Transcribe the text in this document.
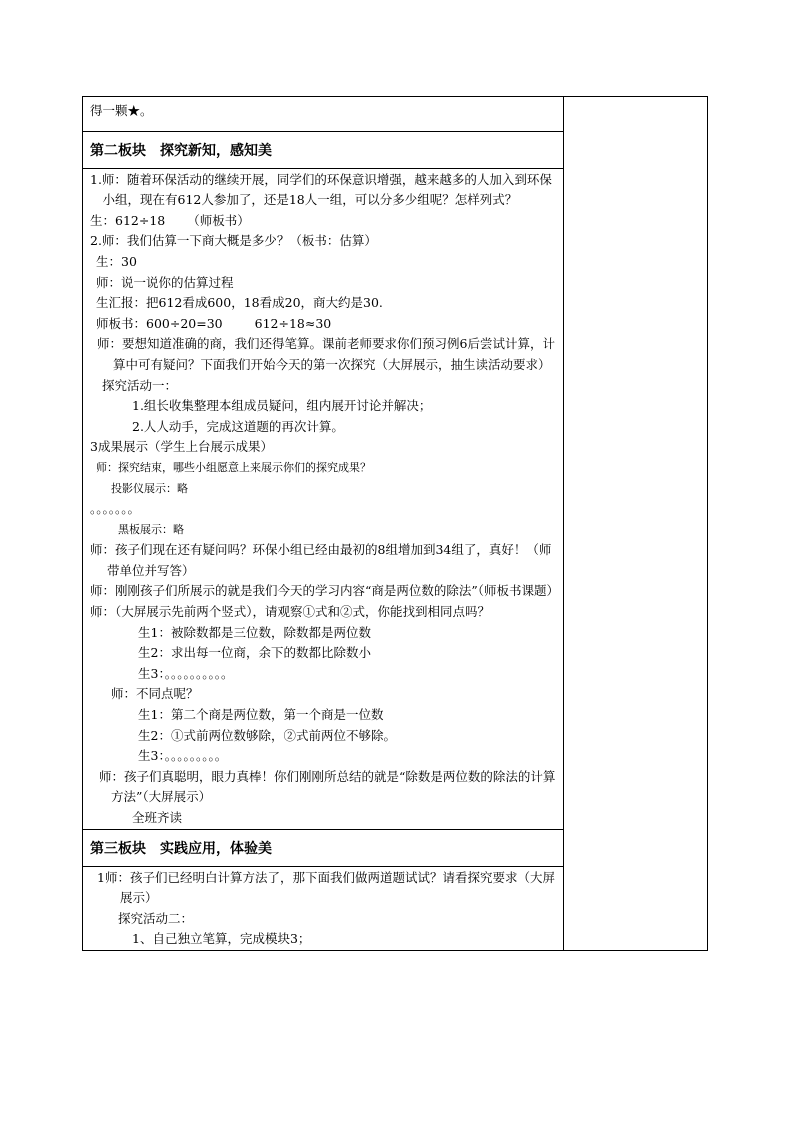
得一颗★。

第二板块　探究新知，感知美

1.师：随着环保活动的继续开展，同学们的环保意识增强，越来越多的人加入到环保小组，现在有612人参加了，还是18人一组，可以分多少组呢？怎样列式？
生：612÷18 （师板书）
2.师：我们估算一下商大概是多少？（板书：估算）
生：30
师：说一说你的估算过程
生汇报：把612看成600，18看成20，商大约是30.
师板书：600÷20=30	612÷18≈30
师：要想知道准确的商，我们还得笔算。课前老师要求你们预习例6后尝试计算，计算中可有疑问？下面我们开始今天的第一次探究（大屏展示，抽生读活动要求）
探究活动一：
1.组长收集整理本组成员疑问，组内展开讨论并解决；
2.人人动手，完成这道题的再次计算。
3成果展示（学生上台展示成果）
师：探究结束，哪些小组愿意上来展示你们的探究成果？
投影仪展示：略
。。。。。。。
黑板展示：略
师：孩子们现在还有疑问吗？环保小组已经由最初的8组增加到34组了，真好！（师带单位并写答）
师：刚刚孩子们所展示的就是我们今天的学习内容“商是两位数的除法”（师板书课题）
师：（大屏展示先前两个竖式），请观察①式和②式，你能找到相同点吗？
生1：被除数都是三位数，除数都是两位数
生2：求出每一位商，余下的数都比除数小
生3：。。。。。。。。。。
师：不同点呢？
生1：第二个商是两位数，第一个商是一位数
生2：①式前两位数够除，②式前两位不够除。
生3：。。。。。。。。。
师：孩子们真聪明，眼力真棒！你们刚刚所总结的就是“除数是两位数的除法的计算方法”（大屏展示）
全班齐读

第三板块　实践应用，体验美

1师：孩子们已经明白计算方法了，那下面我们做两道题试试？请看探究要求（大屏展示）
探究活动二：
1、自己独立笔算，完成模块3；
